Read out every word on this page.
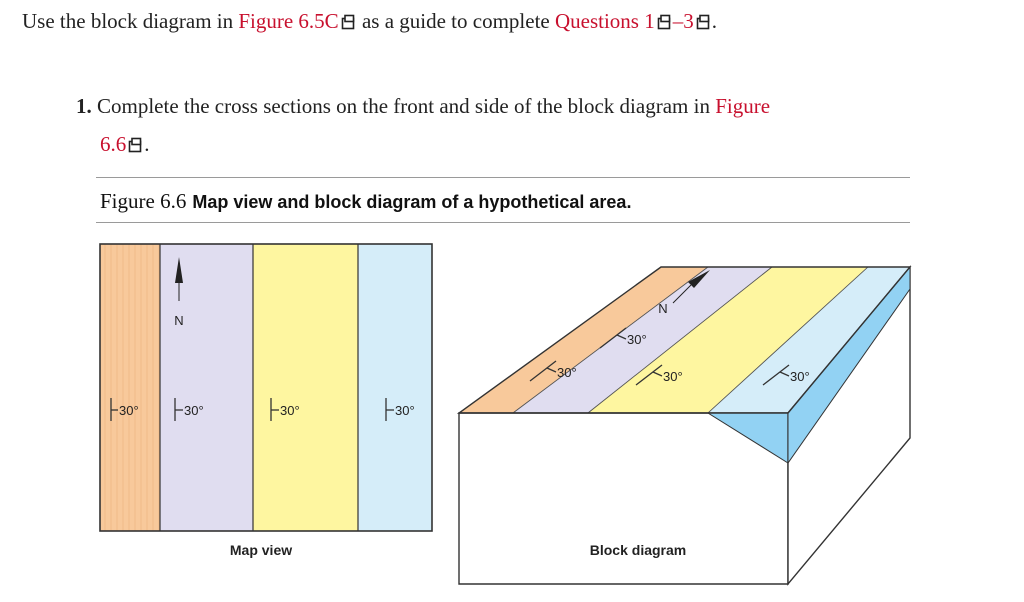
Use the block diagram in Figure 6.5C as a guide to complete Questions 1 –3 .
1. Complete the cross sections on the front and side of the block diagram in Figure
6.6 .
Figure 6.6 Map view and block diagram of a hypothetical area.
N
30°	30°	30°	30°
Map view
N
30°
30°
30°	30°
Block diagram
